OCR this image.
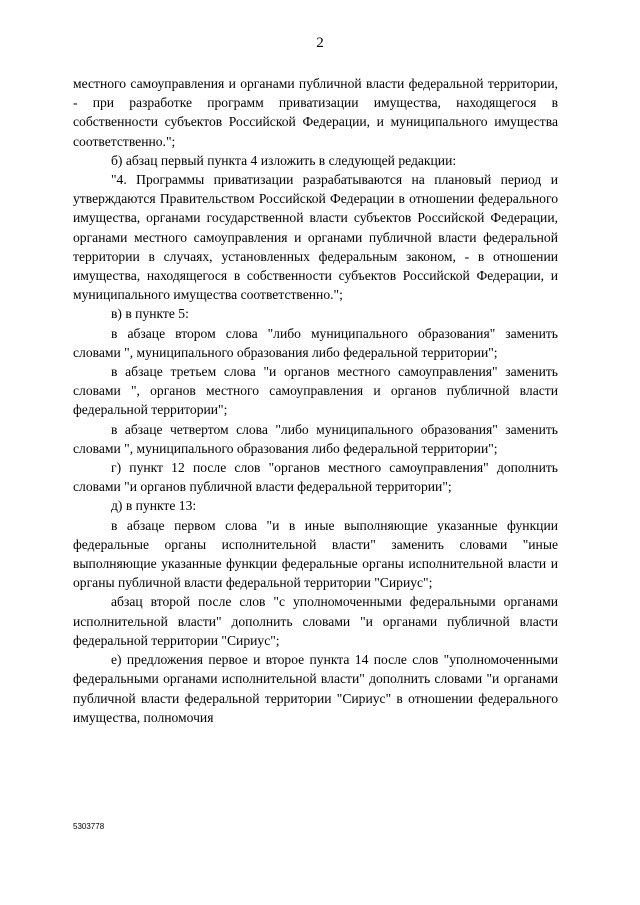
2

местного самоуправления и органами публичной власти федеральной территории, - при разработке программ приватизации имущества, находящегося в собственности субъектов Российской Федерации, и муниципального имущества соответственно.";

б) абзац первый пункта 4 изложить в следующей редакции:

"4. Программы приватизации разрабатываются на плановый период и утверждаются Правительством Российской Федерации в отношении федерального имущества, органами государственной власти субъектов Российской Федерации, органами местного самоуправления и органами публичной власти федеральной территории в случаях, установленных федеральным законом, - в отношении имущества, находящегося в собственности субъектов Российской Федерации, и муниципального имущества соответственно.";

в) в пункте 5:

в абзаце втором слова "либо муниципального образования" заменить словами ", муниципального образования либо федеральной территории";

в абзаце третьем слова "и органов местного самоуправления" заменить словами ", органов местного самоуправления и органов публичной власти федеральной территории";

в абзаце четвертом слова "либо муниципального образования" заменить словами ", муниципального образования либо федеральной территории";

г) пункт 12 после слов "органов местного самоуправления" дополнить словами "и органов публичной власти федеральной территории";

д) в пункте 13:

в абзаце первом слова "и в иные выполняющие указанные функции федеральные органы исполнительной власти" заменить словами "иные выполняющие указанные функции федеральные органы исполнительной власти и органы публичной власти федеральной территории "Сириус";

абзац второй после слов "с уполномоченными федеральными органами исполнительной власти" дополнить словами "и органами публичной власти федеральной территории "Сириус";

е) предложения первое и второе пункта 14 после слов "уполномоченными федеральными органами исполнительной власти" дополнить словами "и органами публичной власти федеральной территории "Сириус" в отношении федерального имущества, полномочия

5303778
